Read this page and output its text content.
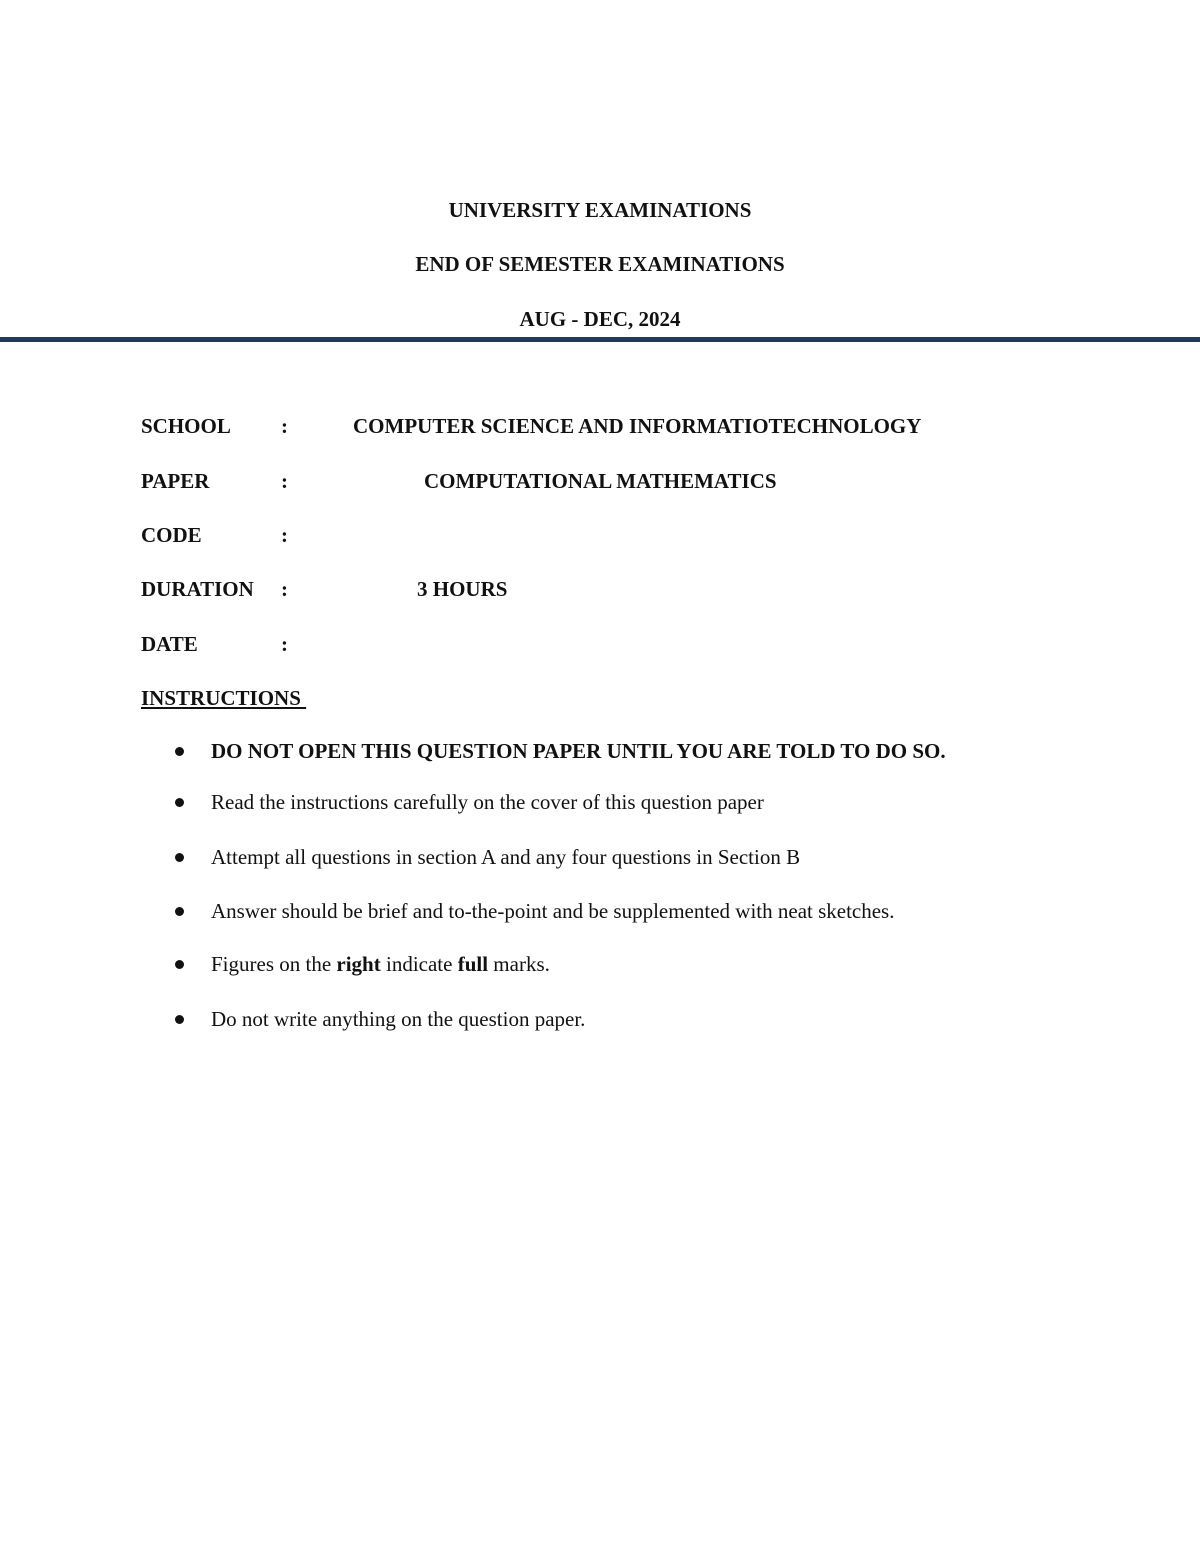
UNIVERSITY EXAMINATIONS
END OF SEMESTER EXAMINATIONS
AUG - DEC, 2024
SCHOOL :	COMPUTER SCIENCE AND INFORMATIOTECHNOLOGY
PAPER	:	COMPUTATIONAL MATHEMATICS
CODE	:
DURATION :	3 HOURS
DATE	:
INSTRUCTIONS
DO NOT OPEN THIS QUESTION PAPER UNTIL YOU ARE TOLD TO DO SO.
Read the instructions carefully on the cover of this question paper
Attempt all questions in section A and any four questions in Section B
Answer should be brief and to-the-point and be supplemented with neat sketches.
Figures on the right indicate full marks.
Do not write anything on the question paper.
